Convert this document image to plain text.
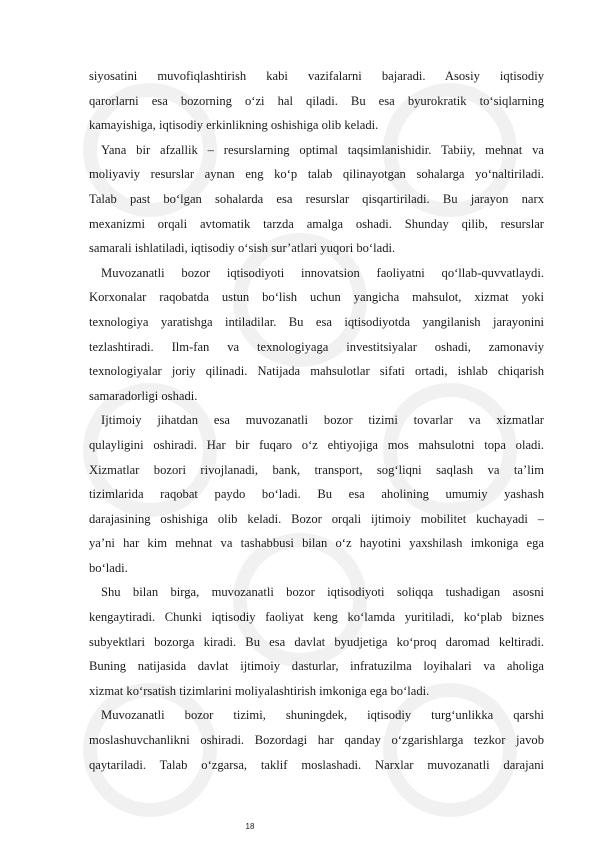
siyosatini muvofiqlashtirish kabi vazifalarni bajaradi. Asosiy iqtisodiy
qarorlarni esa bozorning o‘zi hal qiladi. Bu esa byurokratik to‘siqlarning
kamayishiga, iqtisodiy erkinlikning oshishiga olib keladi.
Yana bir afzallik – resurslarning optimal taqsimlanishidir. Tabiiy, mehnat va
moliyaviy resurslar aynan eng ko‘p talab qilinayotgan sohalarga yo‘naltiriladi.
Talab past bo‘lgan sohalarda esa resurslar qisqartiriladi. Bu jarayon narx
mexanizmi orqali avtomatik tarzda amalga oshadi. Shunday qilib, resurslar
samarali ishlatiladi, iqtisodiy o‘sish sur’atlari yuqori bo‘ladi.
Muvozanatli bozor iqtisodiyoti innovatsion faoliyatni qo‘llab-quvvatlaydi.
Korxonalar raqobatda ustun bo‘lish uchun yangicha mahsulot, xizmat yoki
texnologiya yaratishga intiladilar. Bu esa iqtisodiyotda yangilanish jarayonini
tezlashtiradi. Ilm-fan va texnologiyaga investitsiyalar oshadi, zamonaviy
texnologiyalar joriy qilinadi. Natijada mahsulotlar sifati ortadi, ishlab chiqarish
samaradorligi oshadi.
Ijtimoiy jihatdan esa muvozanatli bozor tizimi tovarlar va xizmatlar
qulayligini oshiradi. Har bir fuqaro o‘z ehtiyojiga mos mahsulotni topa oladi.
Xizmatlar bozori rivojlanadi, bank, transport, sog‘liqni saqlash va ta’lim
tizimlarida raqobat paydo bo‘ladi. Bu esa aholining umumiy yashash
darajasining oshishiga olib keladi. Bozor orqali ijtimoiy mobilitet kuchayadi –
ya’ni har kim mehnat va tashabbusi bilan o‘z hayotini yaxshilash imkoniga ega
bo‘ladi.
Shu bilan birga, muvozanatli bozor iqtisodiyoti soliqqa tushadigan asosni
kengaytiradi. Chunki iqtisodiy faoliyat keng ko‘lamda yuritiladi, ko‘plab biznes
subyektlari bozorga kiradi. Bu esa davlat byudjetiga ko‘proq daromad keltiradi.
Buning natijasida davlat ijtimoiy dasturlar, infratuzilma loyihalari va aholiga
xizmat ko‘rsatish tizimlarini moliyalashtirish imkoniga ega bo‘ladi.
Muvozanatli bozor tizimi, shuningdek, iqtisodiy turg‘unlikka qarshi
moslashuvchanlikni oshiradi. Bozordagi har qanday o‘zgarishlarga tezkor javob
qaytariladi. Talab o‘zgarsa, taklif moslashadi. Narxlar muvozanatli darajani
18
